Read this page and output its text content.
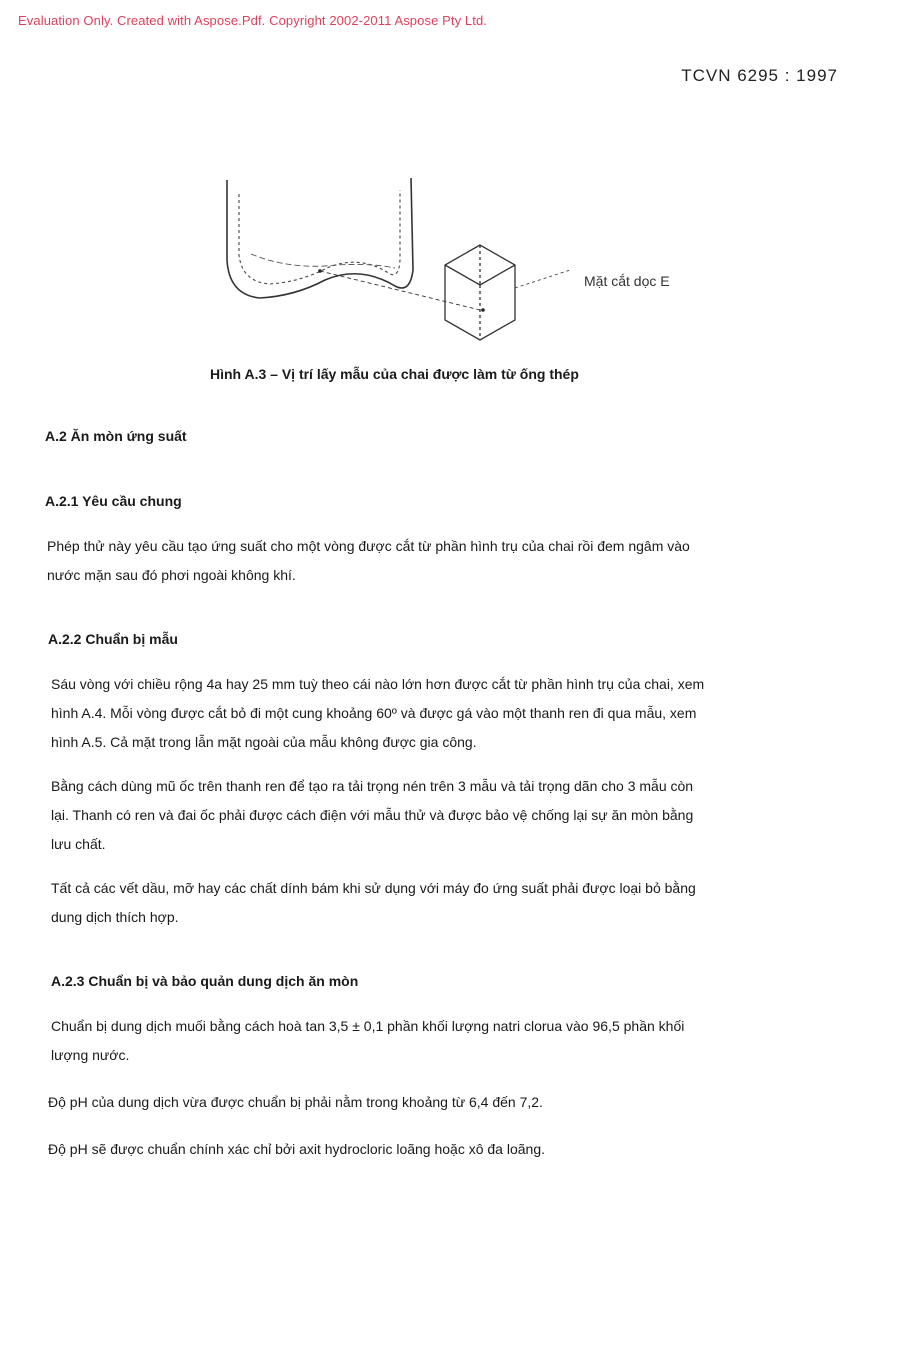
Evaluation Only. Created with Aspose.Pdf. Copyright 2002-2011 Aspose Pty Ltd.
TCVN 6295 : 1997
Mặt cắt dọc E
Hình A.3 – Vị trí lấy mẫu của chai được làm từ ống thép
A.2 Ăn mòn ứng suất
A.2.1 Yêu cầu chung
Phép thử này yêu cầu tạo ứng suất cho một vòng được cắt từ phần hình trụ của chai rồi đem ngâm vào
nước mặn sau đó phơi ngoài không khí.
A.2.2 Chuẩn bị mẫu
Sáu vòng với chiều rộng 4a hay 25 mm tuỳ theo cái nào lớn hơn được cắt từ phần hình trụ của chai, xem
hình A.4. Mỗi vòng được cắt bỏ đi một cung khoảng 60º và được gá vào một thanh ren đi qua mẫu, xem
hình A.5. Cả mặt trong lẫn mặt ngoài của mẫu không được gia công.
Bằng cách dùng mũ ốc trên thanh ren để tạo ra tải trọng nén trên 3 mẫu và tải trọng dãn cho 3 mẫu còn
lại. Thanh có ren và đai ốc phải được cách điện với mẫu thử và được bảo vệ chống lại sự ăn mòn bằng
lưu chất.
Tất cả các vết dầu, mỡ hay các chất dính bám khi sử dụng với máy đo ứng suất phải được loại bỏ bằng
dung dịch thích hợp.
A.2.3 Chuẩn bị và bảo quản dung dịch ăn mòn
Chuẩn bị dung dịch muối bằng cách hoà tan 3,5 ± 0,1 phần khối lượng natri clorua vào 96,5 phần khối
lượng nước.
Độ pH của dung dịch vừa được chuẩn bị phải nằm trong khoảng từ 6,4 đến 7,2.
Độ pH sẽ được chuẩn chính xác chỉ bởi axit hydrocloric loãng hoặc xô đa loãng.
